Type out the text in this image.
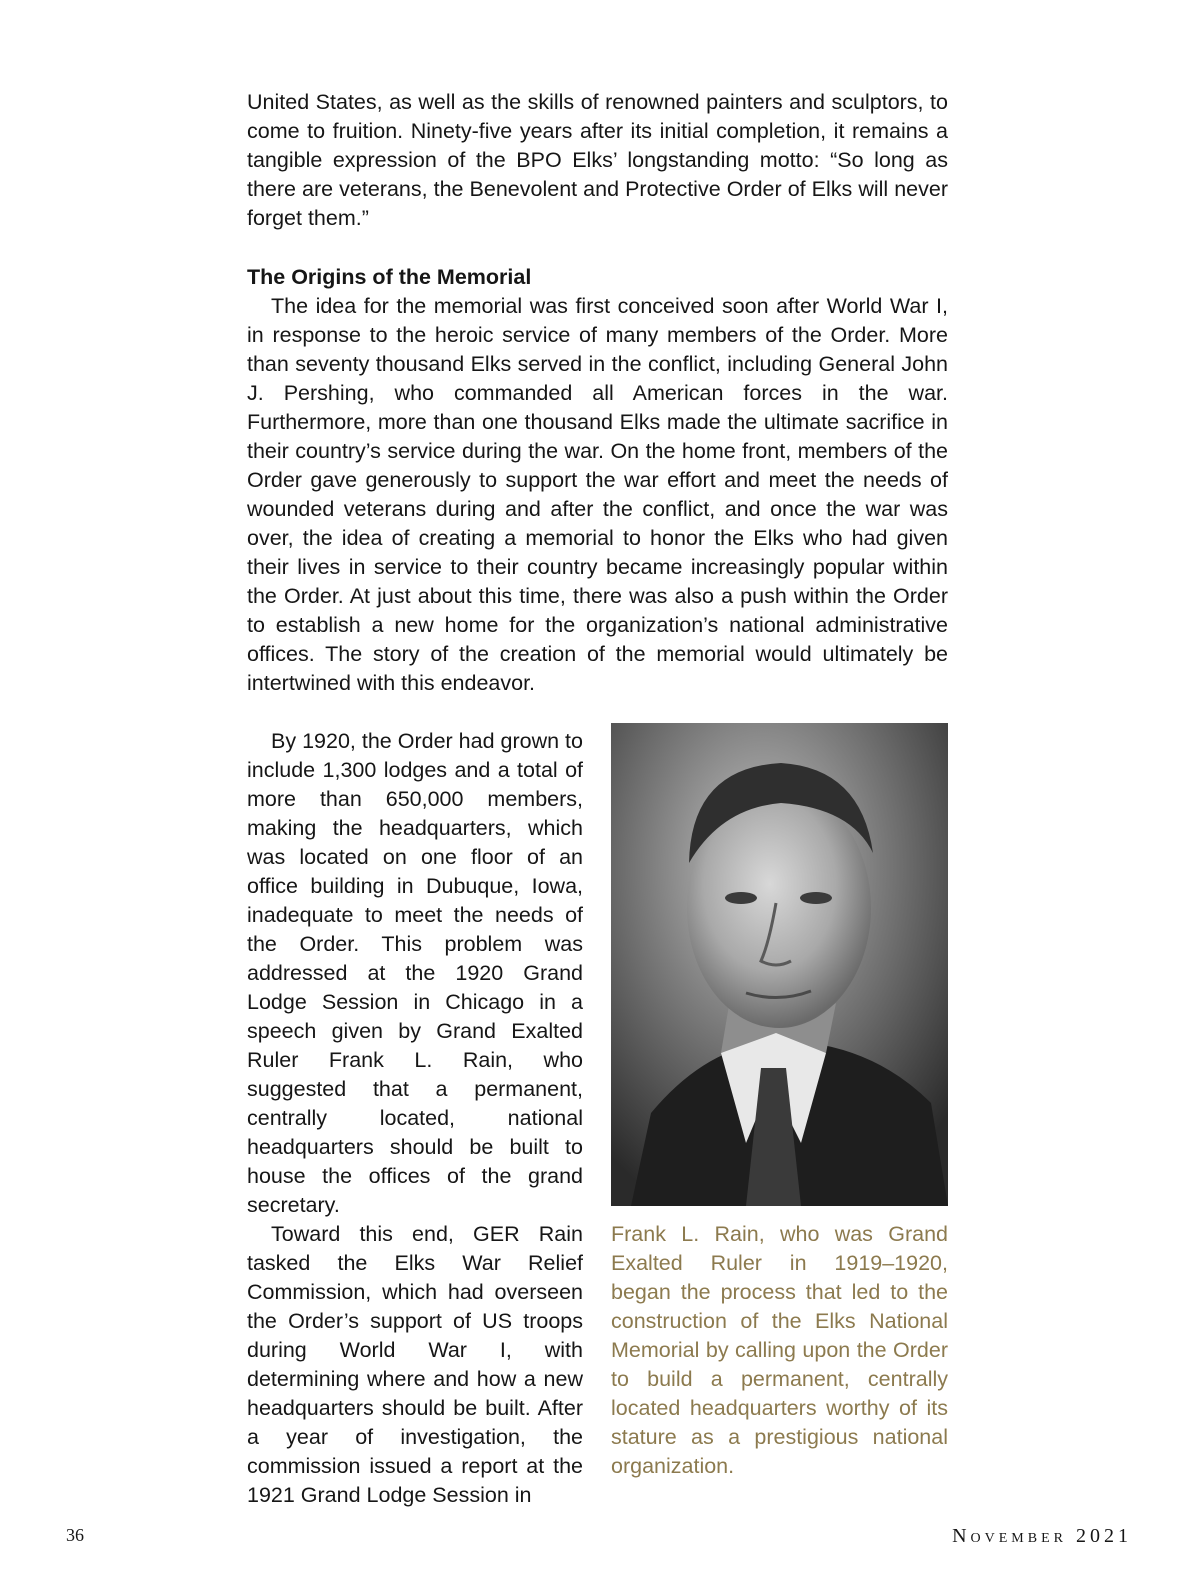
United States, as well as the skills of renowned painters and sculptors, to come to fruition. Ninety-five years after its initial completion, it remains a tangible expression of the BPO Elks’ longstanding motto: “So long as there are veterans, the Benevolent and Protective Order of Elks will never forget them.”

The Origins of the Memorial

The idea for the memorial was first conceived soon after World War I, in response to the heroic service of many members of the Order. More than seventy thousand Elks served in the conflict, including General John J. Pershing, who commanded all American forces in the war. Furthermore, more than one thousand Elks made the ultimate sacrifice in their country’s service during the war. On the home front, members of the Order gave generously to support the war effort and meet the needs of wounded veterans during and after the conflict, and once the war was over, the idea of creating a memorial to honor the Elks who had given their lives in service to their country became increasingly popular within the Order. At just about this time, there was also a push within the Order to establish a new home for the organization’s national administrative offices. The story of the creation of the memorial would ultimately be intertwined with this endeavor.

By 1920, the Order had grown to include 1,300 lodges and a total of more than 650,000 members, making the headquarters, which was located on one floor of an office building in Dubuque, Iowa, inadequate to meet the needs of the Order. This problem was addressed at the 1920 Grand Lodge Session in Chicago in a speech given by Grand Exalted Ruler Frank L. Rain, who suggested that a permanent, centrally located, national headquarters should be built to house the offices of the grand secretary.

Toward this end, GER Rain tasked the Elks War Relief Commission, which had overseen the Order’s support of US troops during World War I, with determining where and how a new headquarters should be built. After a year of investigation, the commission issued a report at the 1921 Grand Lodge Session in

Frank L. Rain, who was Grand Exalted Ruler in 1919–1920, began the process that led to the construction of the Elks National Memorial by calling upon the Order to build a permanent, centrally located headquarters worthy of its stature as a prestigious national organization.

36	November 2021
